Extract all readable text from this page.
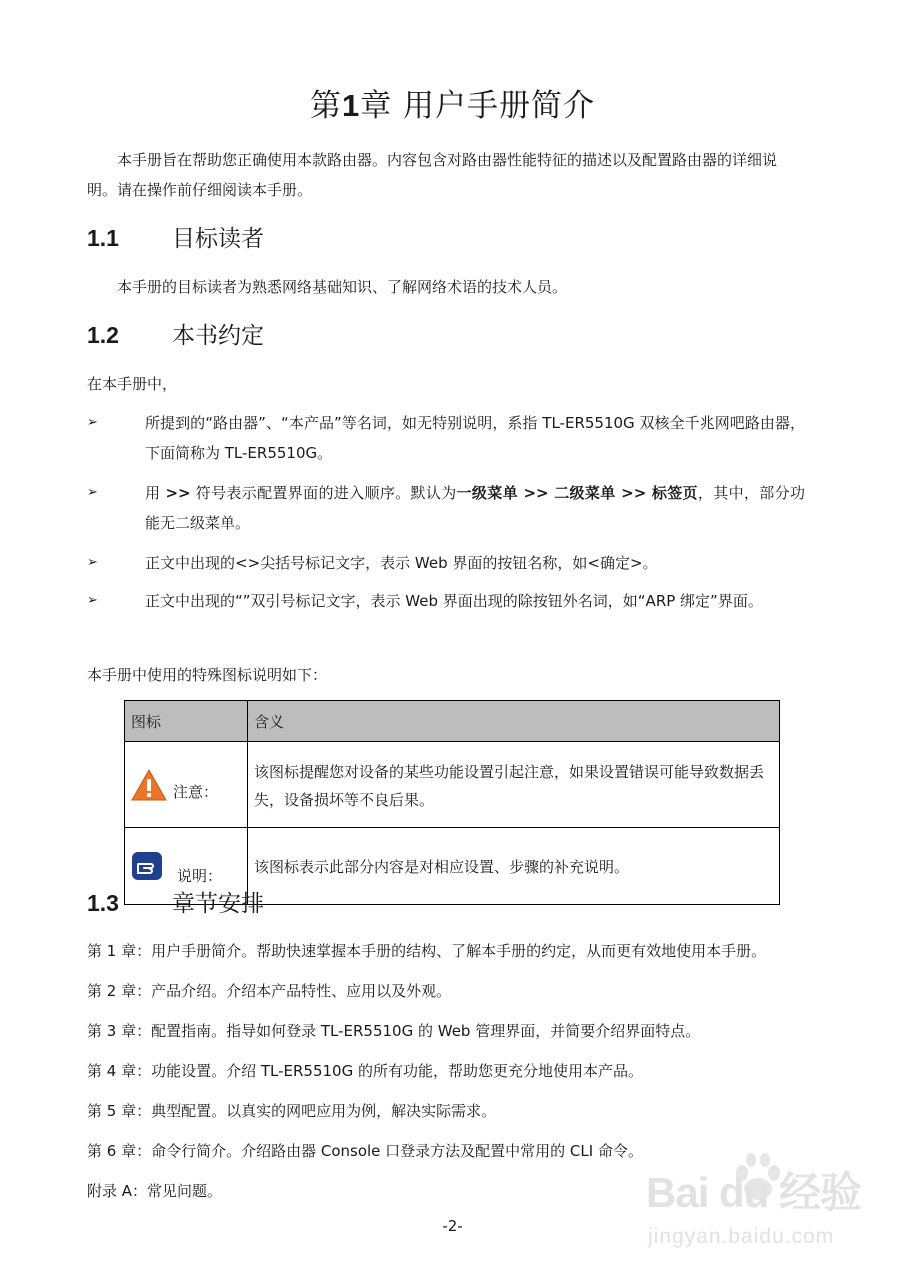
第1章 用户手册简介

本手册旨在帮助您正确使用本款路由器。内容包含对路由器性能特征的描述以及配置路由器的详细说明。请在操作前仔细阅读本手册。

1.1 目标读者

本手册的目标读者为熟悉网络基础知识、了解网络术语的技术人员。

1.2 本书约定

在本手册中，

➢	所提到的“路由器”、“本产品”等名词，如无特别说明，系指 TL-ER5510G 双核全千兆网吧路由器，下面简称为 TL-ER5510G。
➢	用 >> 符号表示配置界面的进入顺序。默认为一级菜单 >> 二级菜单 >> 标签页，其中，部分功能无二级菜单。
➢	正文中出现的<>尖括号标记文字，表示 Web 界面的按钮名称，如<确定>。
➢	正文中出现的“”双引号标记文字，表示 Web 界面出现的除按钮外名词，如“ARP 绑定”界面。

本手册中使用的特殊图标说明如下：

图标	含义

注意：	该图标提醒您对设备的某些功能设置引起注意，如果设置错误可能导致数据丢失，设备损坏等不良后果。

说明：	该图标表示此部分内容是对相应设置、步骤的补充说明。
1.3 章节安排
第 1 章：用户手册简介。帮助快速掌握本手册的结构、了解本手册的约定，从而更有效地使用本手册。
第 2 章：产品介绍。介绍本产品特性、应用以及外观。
第 3 章：配置指南。指导如何登录 TL-ER5510G 的 Web 管理界面，并简要介绍界面特点。
第 4 章：功能设置。介绍 TL-ER5510G 的所有功能，帮助您更充分地使用本产品。
第 5 章：典型配置。以真实的网吧应用为例，解决实际需求。
第 6 章：命令行简介。介绍路由器 Console 口登录方法及配置中常用的 CLI 命令。
附录 A：常见问题。
-2-
Bai du 经验
jingyan.baidu.com
